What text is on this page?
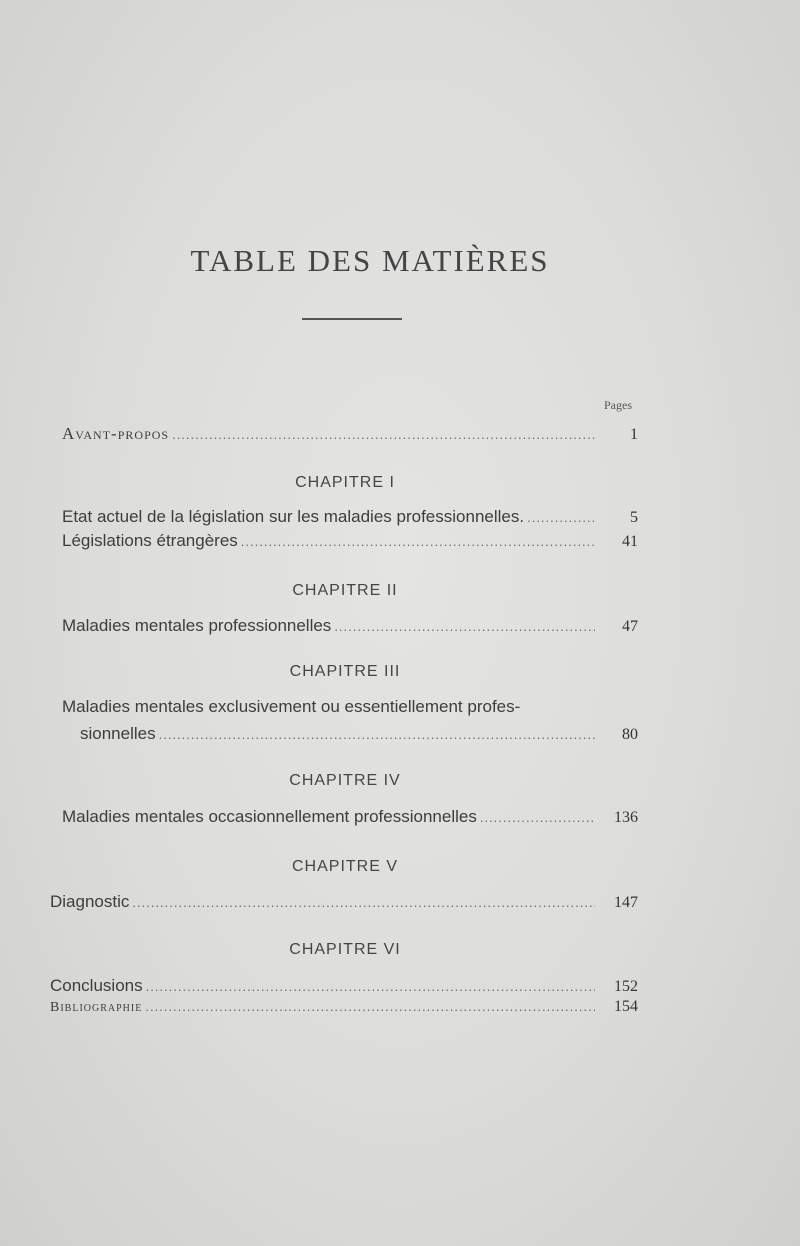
TABLE DES MATIÈRES
Pages
Avant-propos .....	1
CHAPITRE I
Etat actuel de la législation sur les maladies professionnelles. .....	5
Législations étrangères .....	41
CHAPITRE II
Maladies mentales professionnelles .....	47
CHAPITRE III
Maladies mentales exclusivement ou essentiellement profes-
sionnelles .....	80
CHAPITRE IV
Maladies mentales occasionnellement professionnelles .....	136
CHAPITRE V
Diagnostic .....	147
CHAPITRE VI
Conclusions .....	152
Bibliographie .....	154
